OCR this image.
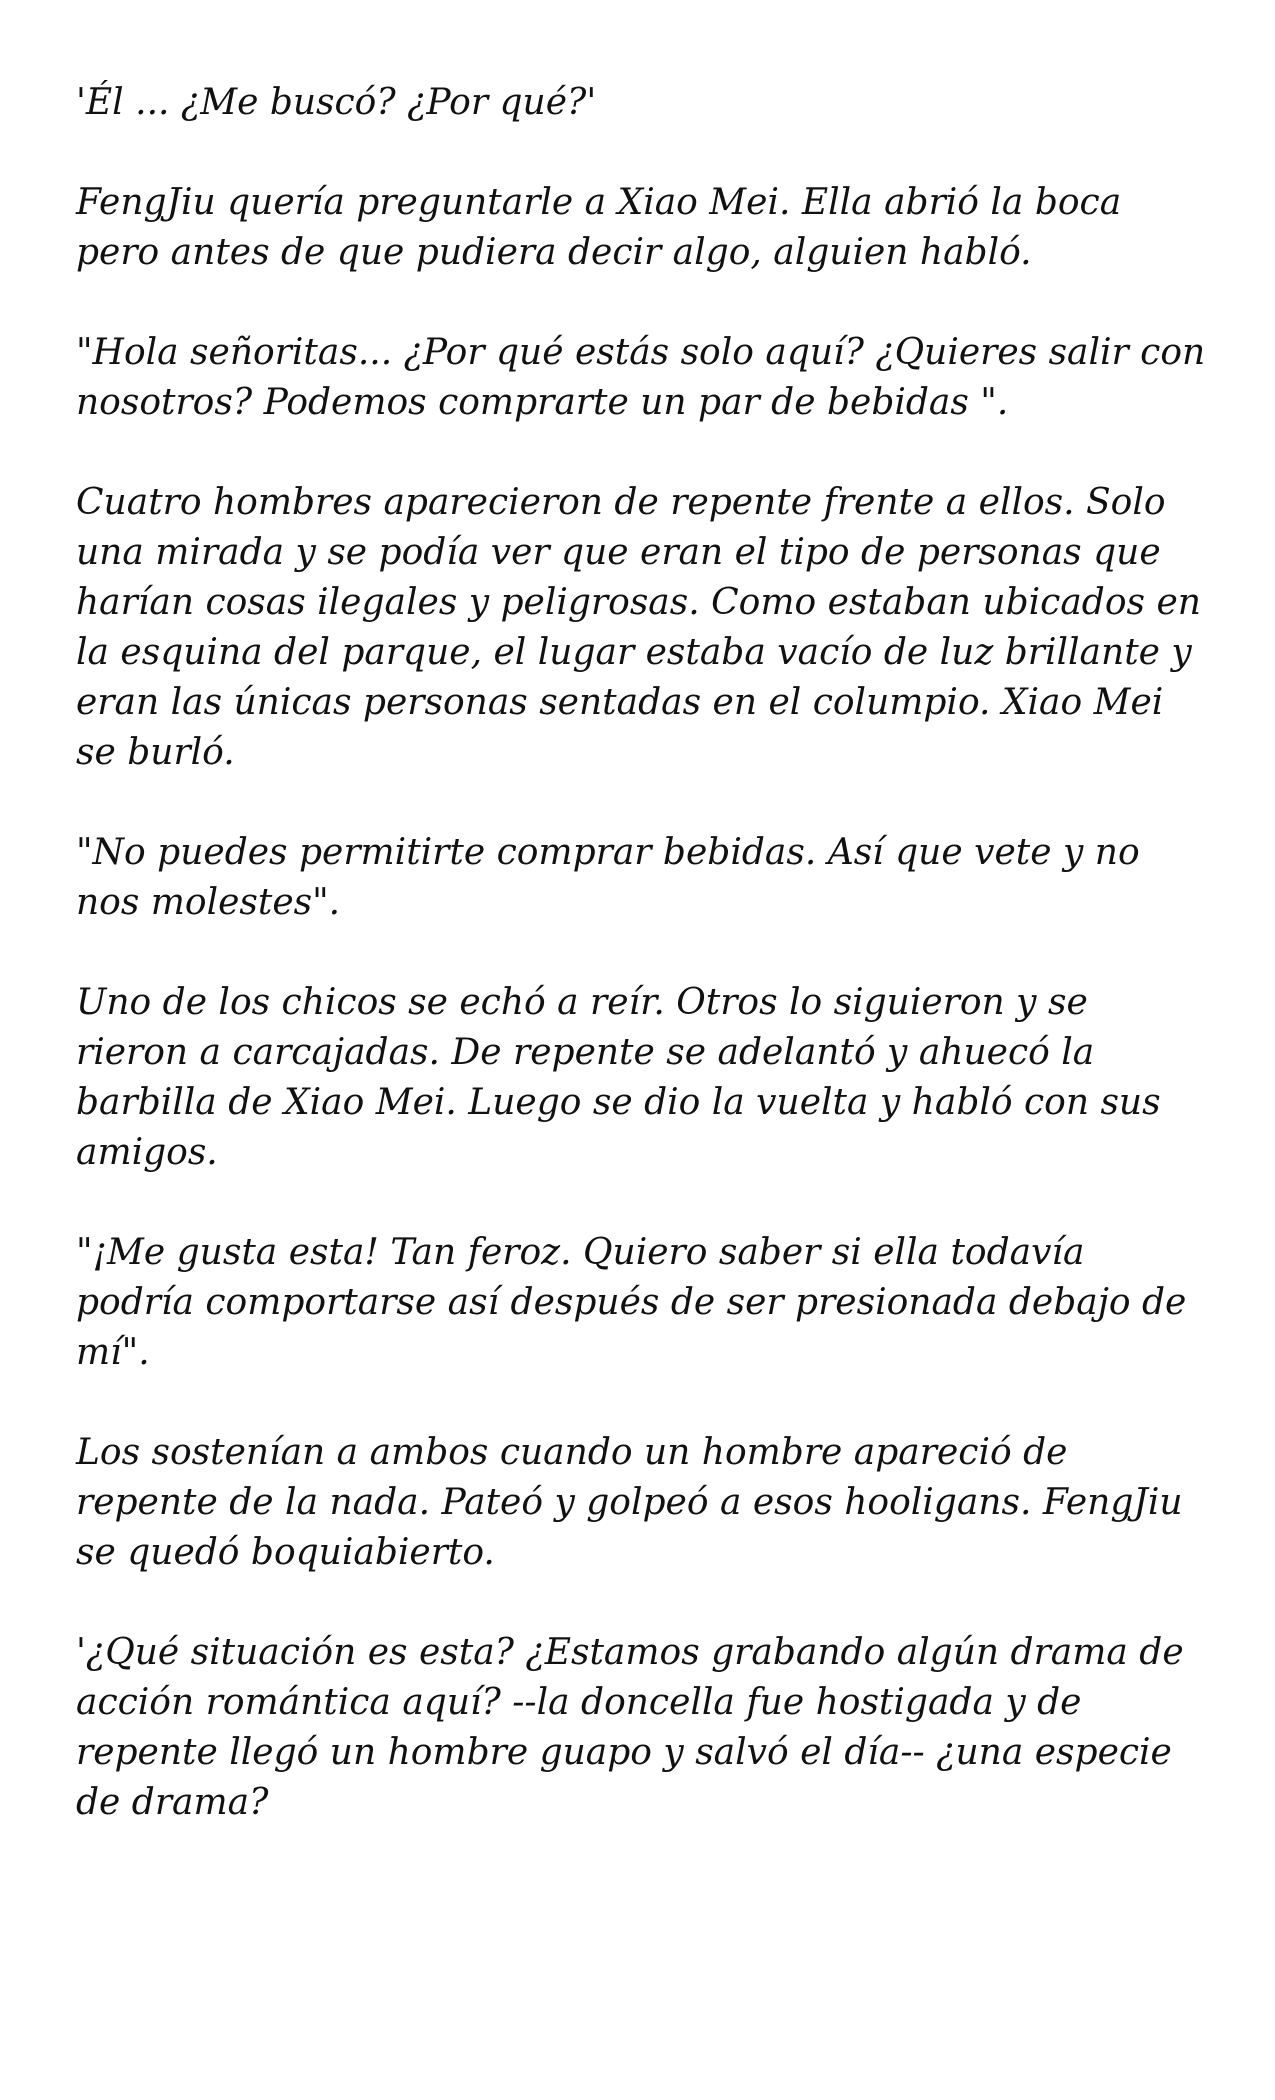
'Él ... ¿Me buscó? ¿Por qué?'

FengJiu quería preguntarle a Xiao Mei. Ella abrió la boca pero antes de que pudiera decir algo, alguien habló.

"Hola señoritas... ¿Por qué estás solo aquí? ¿Quieres salir con nosotros? Podemos comprarte un par de bebidas ".

Cuatro hombres aparecieron de repente frente a ellos. Solo una mirada y se podía ver que eran el tipo de personas que harían cosas ilegales y peligrosas. Como estaban ubicados en la esquina del parque, el lugar estaba vacío de luz brillante y eran las únicas personas sentadas en el columpio. Xiao Mei se burló.

"No puedes permitirte comprar bebidas. Así que vete y no nos molestes".

Uno de los chicos se echó a reír. Otros lo siguieron y se rieron a carcajadas. De repente se adelantó y ahuecó la barbilla de Xiao Mei. Luego se dio la vuelta y habló con sus amigos.

"¡Me gusta esta! Tan feroz. Quiero saber si ella todavía podría comportarse así después de ser presionada debajo de mí".

Los sostenían a ambos cuando un hombre apareció de repente de la nada. Pateó y golpeó a esos hooligans. FengJiu se quedó boquiabierto.

'¿Qué situación es esta? ¿Estamos grabando algún drama de acción romántica aquí? --la doncella fue hostigada y de repente llegó un hombre guapo y salvó el día-- ¿una especie de drama?
